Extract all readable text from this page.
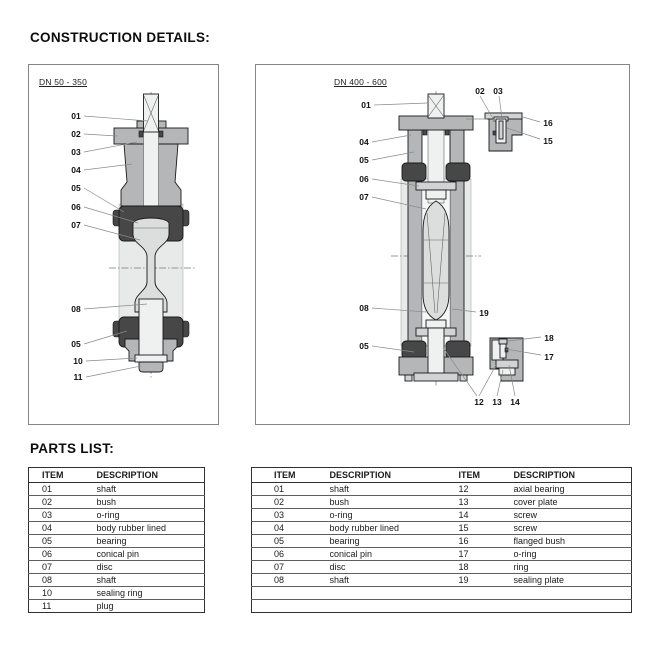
CONSTRUCTION DETAILS:
01
02
03
04
05
06
07
08
05
10
11
DN 50 - 350
01
04
05
06
07
08
05
02 03
16
15
19
18
17
12 13 14
DN 400 - 600
PARTS LIST:
ITEM	DESCRIPTION
01	shaft
02	bush
03	o-ring
04	body rubber lined
05	bearing
06	conical pin
07	disc
08	shaft
10	sealing ring
11	plug
ITEM	DESCRIPTION	ITEM	DESCRIPTION
01	shaft	12	axial bearing
02	bush	13	cover plate
03	o-ring	14	screw
04	body rubber lined	15	screw
05	bearing	16	flanged bush
06	conical pin	17	o-ring
07	disc	18	ring
08	shaft	19	sealing plate
